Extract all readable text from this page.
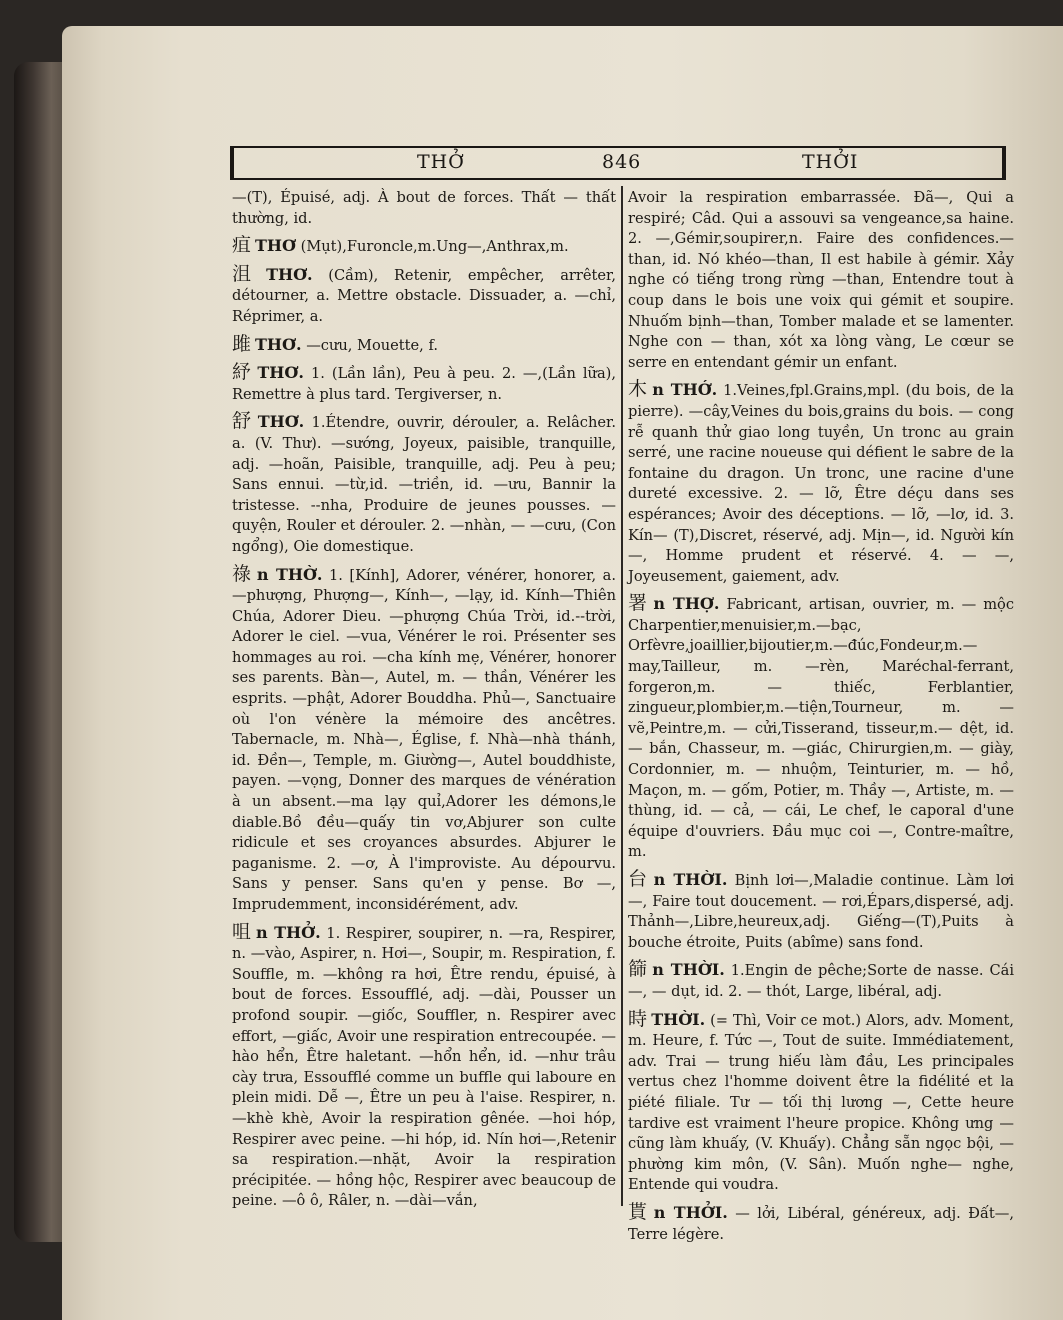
THỞ	846	THỞI

—(T), Épuisé, adj. À bout de forces. Thất — thất thường, id.

疽 THƠ (Mụt),Furoncle,m.Ung—,Anthrax,m.

沮 THƠ. (Cầm), Retenir, empêcher, arrêter, détourner, a. Mettre obstacle. Dissuader, a. —chỉ, Réprimer, a.

雎 THƠ. —cưu, Mouette, f.

紓 THƠ. 1. (Lần lần), Peu à peu. 2. —,(Lần lữa), Remettre à plus tard. Tergiverser, n.

舒 THƠ. 1.Étendre, ouvrir, dérouler, a. Relâcher. a. (V. Thư). —sướng, Joyeux, paisible, tranquille, adj. —hoãn, Paisible, tranquille, adj. Peu à peu; Sans ennui. —từ,id. —triền, id. —ưu, Bannir la tristesse. --nha, Produire de jeunes pousses. —quyện, Rouler et dérouler. 2. —nhàn, — —cưu, (Con ngổng), Oie domestique.

祿 n THỜ. 1. [Kính], Adorer, vénérer, honorer, a. —phượng, Phượng—, Kính—, —lạy, id. Kính—Thiên Chúa, Adorer Dieu. —phượng Chúa Trời, id.--trời, Adorer le ciel. —vua, Vénérer le roi. Présenter ses hommages au roi. —cha kính mẹ, Vénérer, honorer ses parents. Bàn—, Autel, m. — thần, Vénérer les esprits. —phật, Adorer Bouddha. Phủ—, Sanctuaire où l'on vénère la mémoire des ancêtres. Tabernacle, m. Nhà—, Église, f. Nhà—nhà thánh, id. Đền—, Temple, m. Giường—, Autel bouddhiste, payen. —vọng, Donner des marques de vénération à un absent.—ma lạy quỉ,Adorer les démons,le diable.Bồ đều—quấy tin vơ,Abjurer son culte ridicule et ses croyances absurdes. Abjurer le paganisme. 2. —ơ, À l'improviste. Au dépourvu. Sans y penser. Sans qu'en y pense. Bơ —, Imprudemment, inconsidérément, adv.

咀 n THỞ. 1. Respirer, soupirer, n. —ra, Respirer, n. —vào, Aspirer, n. Hơi—, Soupir, m. Respiration, f. Souffle, m. —không ra hơi, Être rendu, épuisé, à bout de forces. Essoufflé, adj. —dài, Pousser un profond soupir. —giốc, Souffler, n. Respirer avec effort, —giấc, Avoir une respiration entrecoupée. —hào hển, Être haletant. —hổn hển, id. —như trâu cày trưa, Essoufflé comme un buffle qui laboure en plein midi. Dễ —, Être un peu à l'aise. Respirer, n. —khè khè, Avoir la respiration gênée. —hoi hóp, Respirer avec peine. —hi hóp, id. Nín hơi—,Retenir sa respiration.—nhặt, Avoir la respiration précipitée. — hồng hộc, Respirer avec beaucoup de peine. —ô ô, Râler, n. —dài—vắn,

Avoir la respiration embarrassée. Đã—, Qui a respiré; Câd. Qui a assouvi sa vengeance,sa haine. 2. —,Gémir,soupirer,n. Faire des confidences.—than, id. Nó khéo—than, Il est habile à gémir. Xảy nghe có tiếng trong rừng —than, Entendre tout à coup dans le bois une voix qui gémit et soupire. Nhuốm bịnh—than, Tomber malade et se lamenter. Nghe con — than, xót xa lòng vàng, Le cœur se serre en entendant gémir un enfant.

木 n THỚ. 1.Veines,fpl.Grains,mpl. (du bois, de la pierre). —cây,Veines du bois,grains du bois. — cong rễ quanh thử giao long tuyền, Un tronc au grain serré, une racine noueuse qui défient le sabre de la fontaine du dragon. Un tronc, une racine d'une dureté excessive. 2. — lỡ, Être déçu dans ses espérances; Avoir des déceptions. — lỡ, —lơ, id. 3. Kín— (T),Discret, réservé, adj. Mịn—, id. Người kín—, Homme prudent et réservé. 4. — —, Joyeusement, gaiement, adv.

署 n THỢ. Fabricant, artisan, ouvrier, m. — mộc Charpentier,menuisier,m.—bạc, Orfèvre,joaillier,bijoutier,m.—đúc,Fondeur,m.—may,Tailleur, m. —rèn, Maréchal-ferrant, forgeron,m. — thiếc, Ferblantier, zingueur,plombier,m.—tiện,Tourneur, m. —vẽ,Peintre,m. — cửi,Tisserand, tisseur,m.— dệt, id. — bắn, Chasseur, m. —giác, Chirurgien,m. — giày, Cordonnier, m. — nhuộm, Teinturier, m. — hồ, Maçon, m. — gốm, Potier, m. Thầy —, Artiste, m. — thùng, id. — cả, — cái, Le chef, le caporal d'une équipe d'ouvriers. Đầu mục coi —, Contre-maître, m.

台 n THỜI. Bịnh lơi—,Maladie continue. Làm lơi—, Faire tout doucement. — rơi,Épars,dispersé, adj. Thảnh—,Libre,heureux,adj. Giếng—(T),Puits à bouche étroite, Puits (abîme) sans fond.

篩 n THỜI. 1.Engin de pêche;Sorte de nasse. Cái —, — dụt, id. 2. — thót, Large, libéral, adj.

時 THỜI. (= Thì, Voir ce mot.) Alors, adv. Moment, m. Heure, f. Tức —, Tout de suite. Immédiatement, adv. Trai — trung hiếu làm đầu, Les principales vertus chez l'homme doivent être la fidélité et la piété filiale. Tư — tối thị lương —, Cette heure tardive est vraiment l'heure propice. Không ưng — cũng làm khuấy, (V. Khuấy). Chẳng sẵn ngọc bội, — phường kim môn, (V. Sân). Muốn nghe— nghe, Entende qui voudra.

貰 n THỞI. — lởi, Libéral, généreux, adj. Đất—, Terre légère.
